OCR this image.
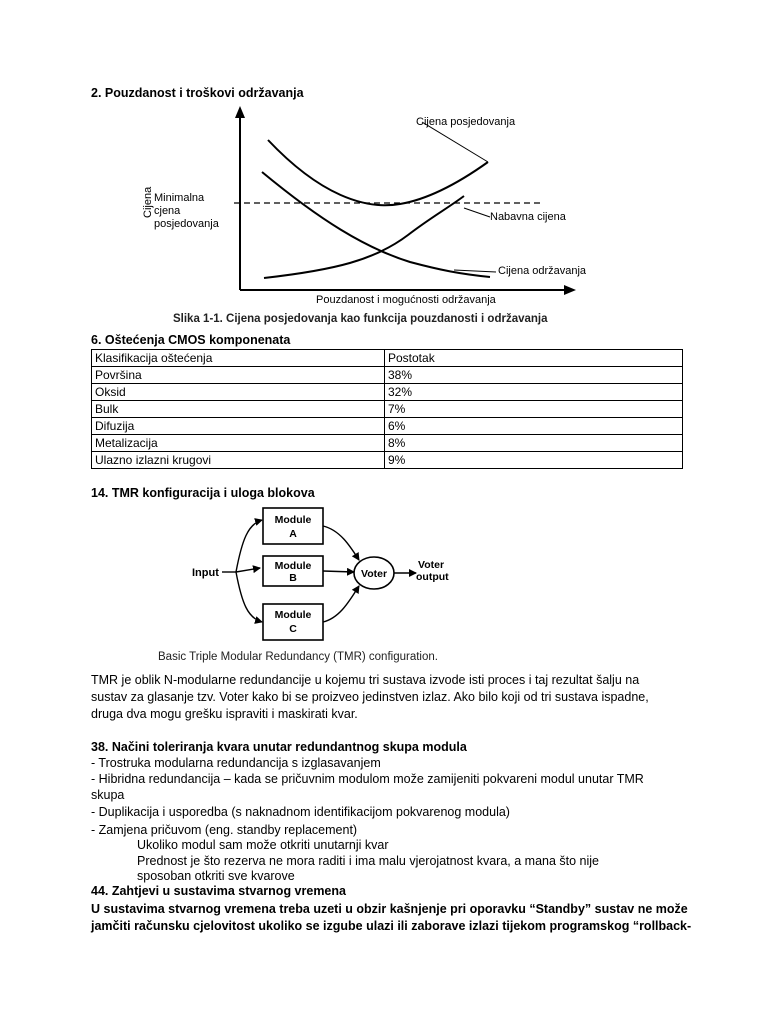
2. Pouzdanost i troškovi održavanja
Cijena Minimalna
cjena
posjedovanja
Cijena posjedovanja
Nabavna cijena
Cijena održavanja
Pouzdanost i mogućnosti održavanja
Slika 1-1. Cijena posjedovanja kao funkcija pouzdanosti i održavanja
6. Oštećenja CMOS komponenata
Klasifikacija oštećenja	Postotak
Površina	38%
Oksid	32%
Bulk	7%
Difuzija	6%
Metalizacija	8%
Ulazno izlazni krugovi	9%
14. TMR konfiguracija i uloga blokova
Input
Module
A
Module
B
Module
C
Voter
Voter
output
Basic Triple Modular Redundancy (TMR) configuration.
TMR je oblik N-modularne redundancije u kojemu tri sustava izvode isti proces i taj rezultat šalju na
sustav za glasanje tzv. Voter kako bi se proizveo jedinstven izlaz. Ako bilo koji od tri sustava ispadne,
druga dva mogu grešku ispraviti i maskirati kvar.
38. Načini toleriranja kvara unutar redundantnog skupa modula
- Trostruka modularna redundancija s izglasavanjem
- Hibridna redundancija – kada se pričuvnim modulom može zamijeniti pokvareni modul unutar TMR
skupa
- Duplikacija i usporedba (s naknadnom identifikacijom pokvarenog modula)
- Zamjena pričuvom (eng. standby replacement)
Ukoliko modul sam može otkriti unutarnji kvar
Prednost je što rezerva ne mora raditi i ima malu vjerojatnost kvara, a mana što nije
sposoban otkriti sve kvarove
44. Zahtjevi u sustavima stvarnog vremena
U sustavima stvarnog vremena treba uzeti u obzir kašnjenje pri oporavku “Standby” sustav ne može
jamčiti računsku cjelovitost ukoliko se izgube ulazi ili zaborave izlazi tijekom programskog “rollback-
